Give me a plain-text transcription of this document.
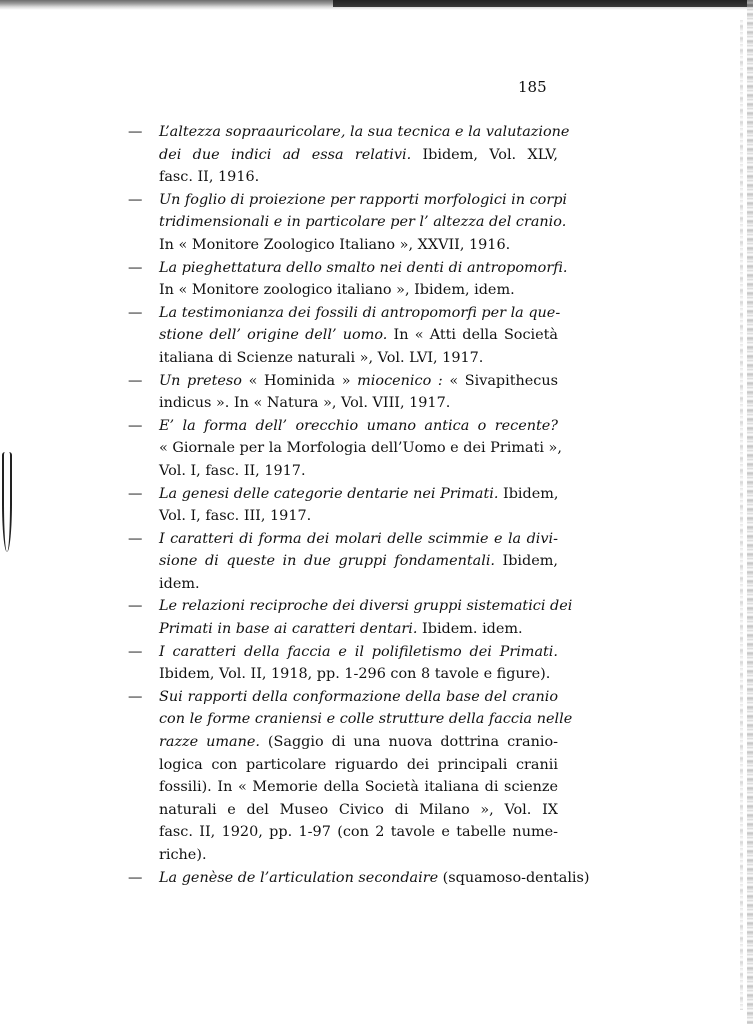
185
— L’altezza sopraauricolare, la sua tecnica e la valutazione
dei due indici ad essa relativi. Ibidem, Vol. XLV,
fasc. II, 1916.
— Un foglio di proiezione per rapporti morfologici in corpi
tridimensionali e in particolare per l’ altezza del cranio.
In « Monitore Zoologico Italiano », XXVII, 1916.
— La pieghettatura dello smalto nei denti di antropomorfi.
In « Monitore zoologico italiano », Ibidem, idem.
— La testimonianza dei fossili di antropomorfi per la que-
stione dell’ origine dell’ uomo. In « Atti della Società
italiana di Scienze naturali », Vol. LVI, 1917.
— Un preteso « Hominida » miocenico : « Sivapithecus
indicus ». In « Natura », Vol. VIII, 1917.
— E’ la forma dell’ orecchio umano antica o recente?
« Giornale per la Morfologia dell’Uomo e dei Primati »,
Vol. I, fasc. II, 1917.
— La genesi delle categorie dentarie nei Primati. Ibidem,
Vol. I, fasc. III, 1917.
— I caratteri di forma dei molari delle scimmie e la divi-
sione di queste in due gruppi fondamentali. Ibidem,
idem.
— Le relazioni reciproche dei diversi gruppi sistematici dei
Primati in base ai caratteri dentari. Ibidem. idem.
— I caratteri della faccia e il polifiletismo dei Primati.
Ibidem, Vol. II, 1918, pp. 1-296 con 8 tavole e figure).
— Sui rapporti della conformazione della base del cranio
con le forme craniensi e colle strutture della faccia nelle
razze umane. (Saggio di una nuova dottrina cranio-
logica con particolare riguardo dei principali cranii
fossili). In « Memorie della Società italiana di scienze
naturali e del Museo Civico di Milano », Vol. IX
fasc. II, 1920, pp. 1-97 (con 2 tavole e tabelle nume-
riche).
— La genèse de l’articulation secondaire (squamoso-dentalis)
